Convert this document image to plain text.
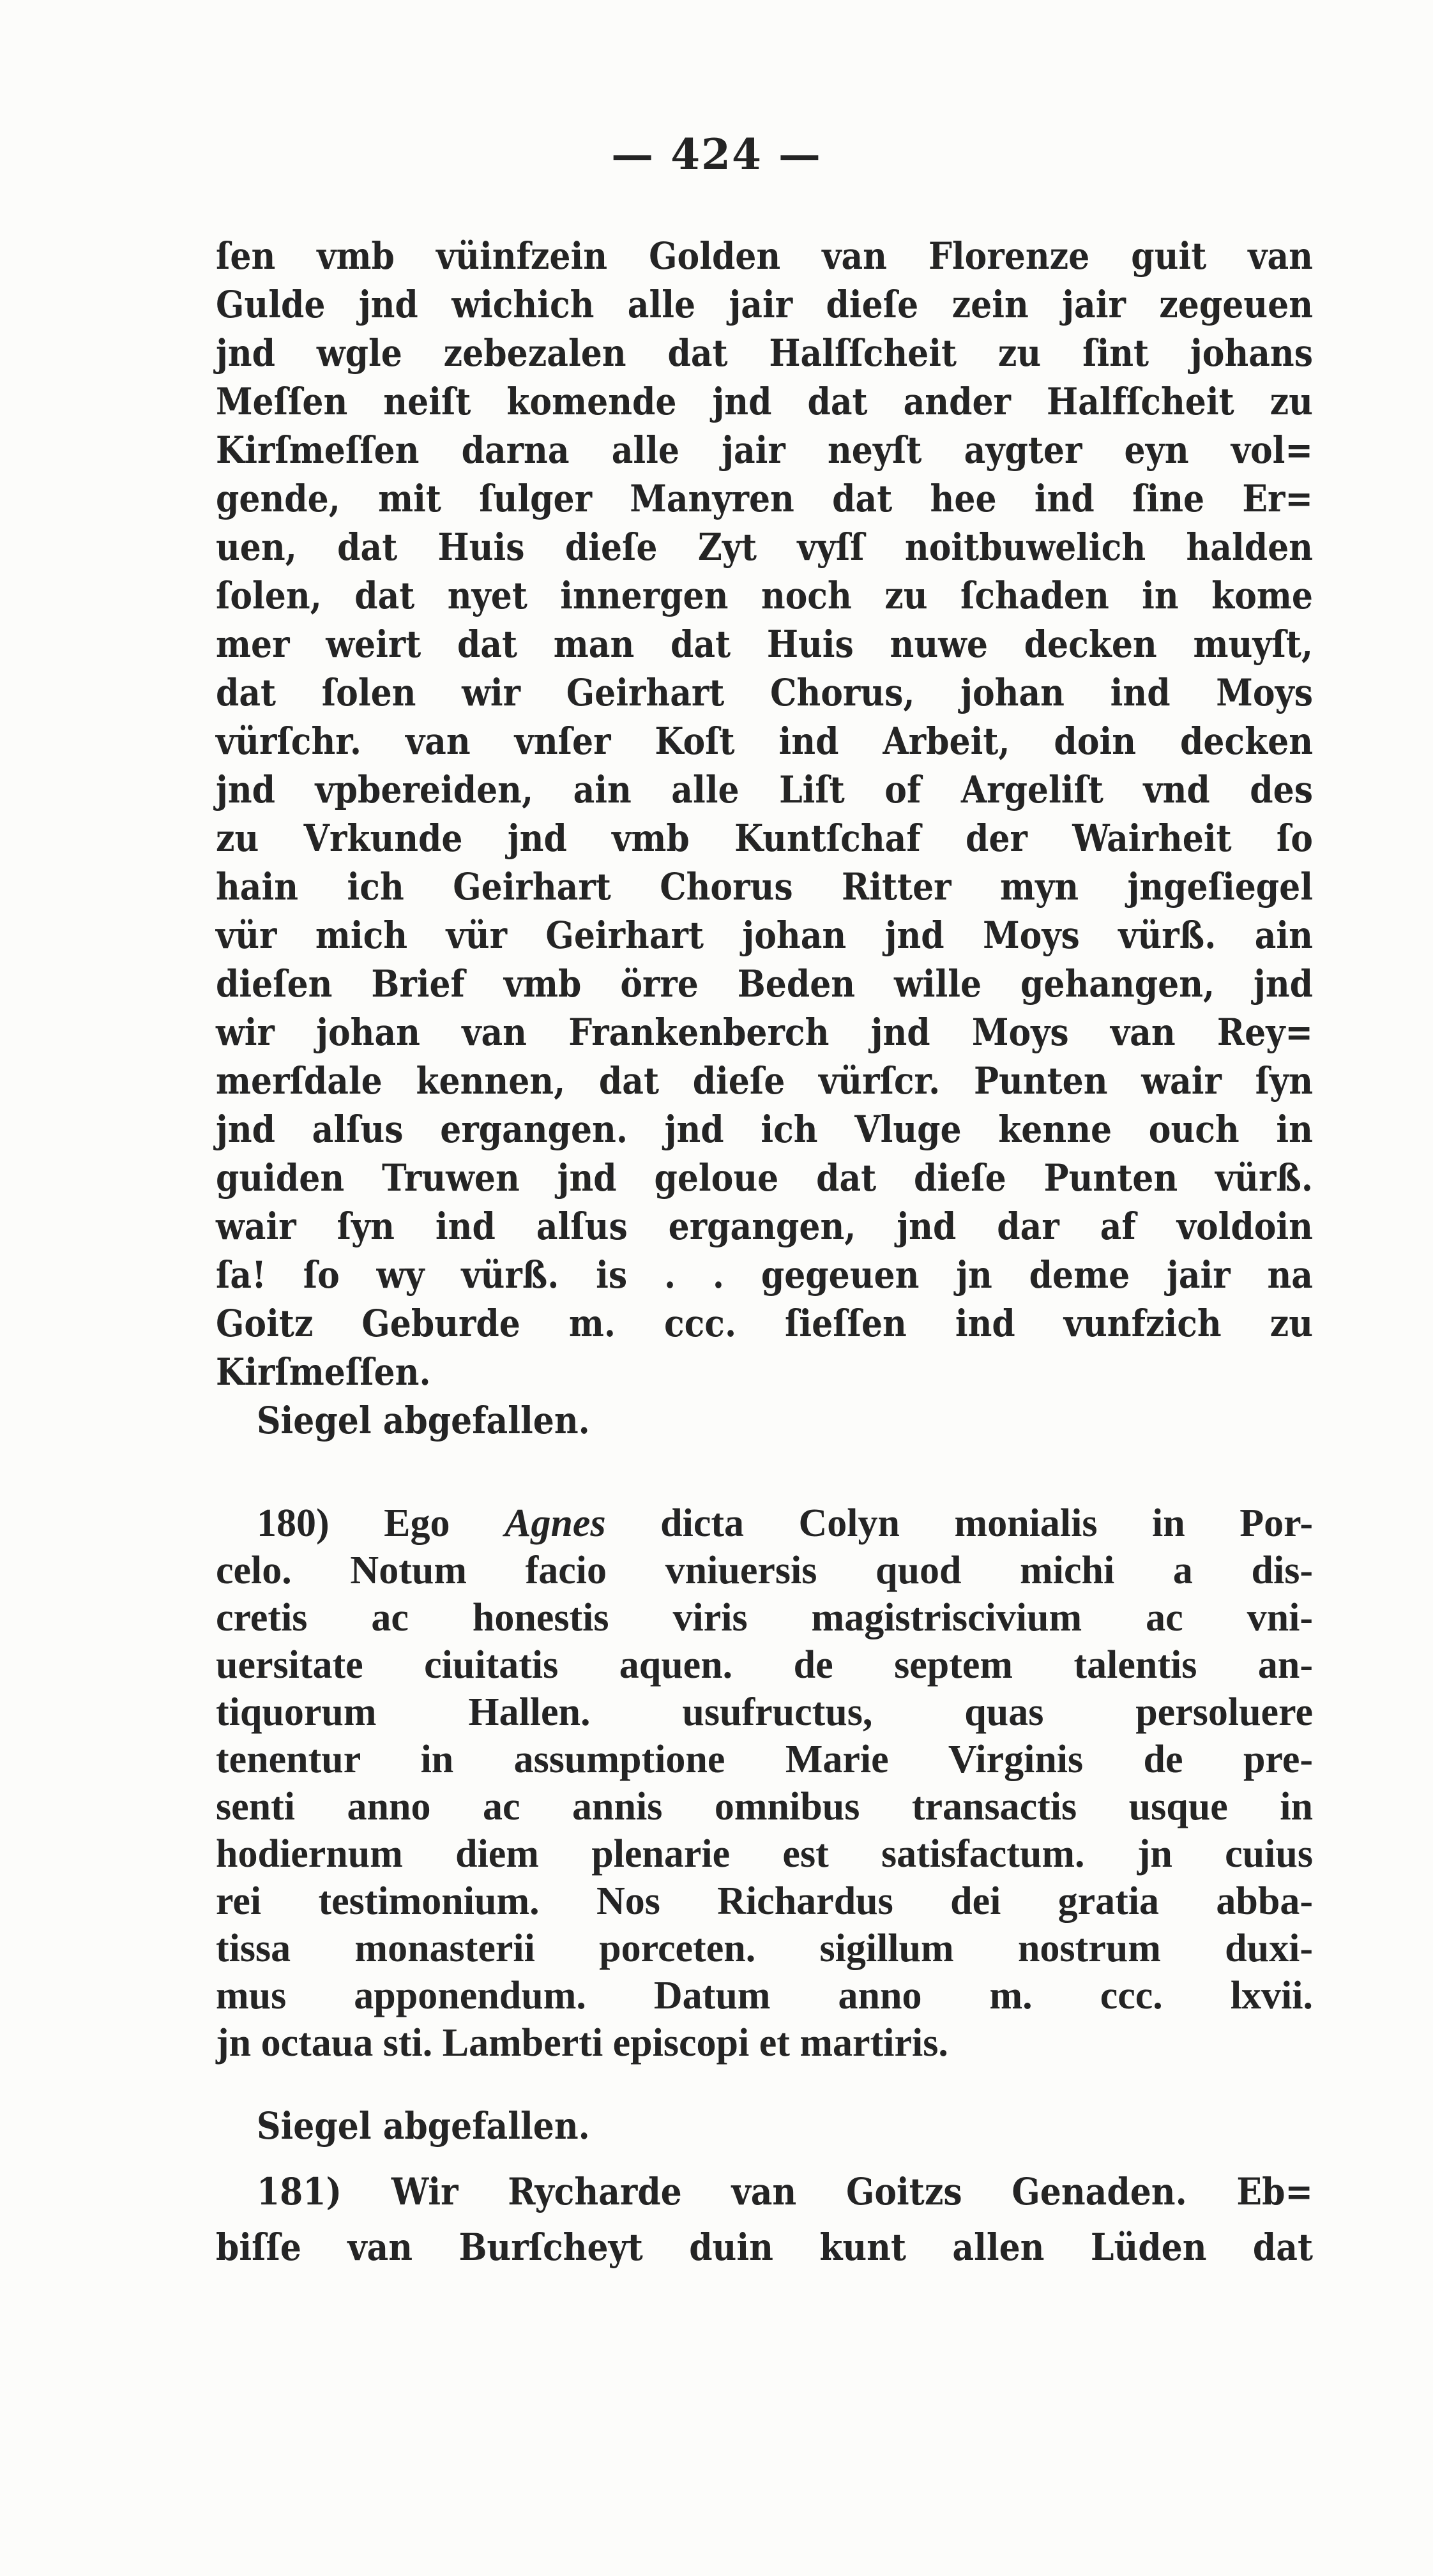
— 424 —
ſen vmb vüinfzein Golden van Florenze guit van
Gulde jnd wichich alle jair dieſe zein jair zegeuen
jnd wgle zebezalen dat Halſſcheit zu ſint johans
Meſſen neiſt komende jnd dat ander Halfſcheit zu
Kirſmeſſen darna alle jair neyſt aygter eyn vol=
gende, mit ſulger Manyren dat hee ind ſine Er=
uen, dat Huis dieſe Zyt vyſſ noitbuwelich halden
ſolen, dat nyet innergen noch zu ſchaden in kome
mer weirt dat man dat Huis nuwe decken muyſt,
dat ſolen wir Geirhart Chorus, johan ind Moys
vürſchr. van vnſer Koſt ind Arbeit, doin decken
jnd vpbereiden, ain alle Liſt of Argeliſt vnd des
zu Vrkunde jnd vmb Kuntſchaf der Wairheit ſo
hain ich Geirhart Chorus Ritter myn jngeſiegel
vür mich vür Geirhart johan jnd Moys vürß. ain
dieſen Brief vmb örre Beden wille gehangen, jnd
wir johan van Frankenberch jnd Moys van Rey=
merſdale kennen, dat dieſe vürſcr. Punten wair ſyn
jnd alſus ergangen. jnd ich Vluge kenne ouch in
guiden Truwen jnd geloue dat dieſe Punten vürß.
wair ſyn ind alſus ergangen, jnd dar af voldoin
ſa! ſo wy vürß. is . . gegeuen jn deme jair na
Goitz Geburde m. ccc. ſieſſen ind vunfzich zu
Kirſmeſſen.
Siegel abgefallen.
180) Ego Agnes dicta Colyn monialis in Por-
celo. Notum facio vniuersis quod michi a dis-
cretis ac honestis viris magistriscivium ac vni-
uersitate ciuitatis aquen. de septem talentis an-
tiquorum Hallen. usufructus, quas persoluere
tenentur in assumptione Marie Virginis de pre-
senti anno ac annis omnibus transactis usque in
hodiernum diem plenarie est satisfactum. jn cuius
rei testimonium. Nos Richardus dei gratia abba-
tissa monasterii porceten. sigillum nostrum duxi-
mus apponendum. Datum anno m. ccc. lxvii.
jn octaua sti. Lamberti episcopi et martiris.
Siegel abgefallen.
181) Wir Rycharde van Goitzs Genaden. Eb=
biſſe van Burſcheyt duin kunt allen Lüden dat
